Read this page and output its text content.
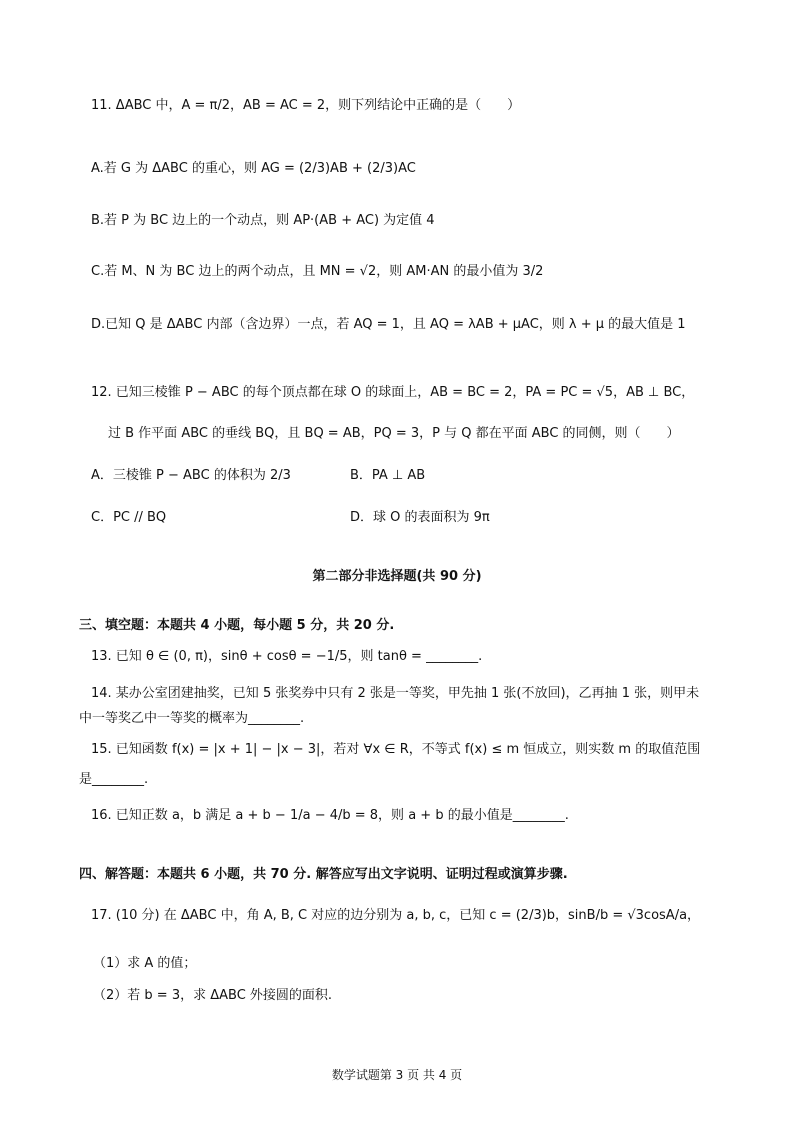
11. ΔABC 中，A = π/2，AB = AC = 2，则下列结论中正确的是（　　）
A.若 G 为 ΔABC 的重心，则 AG = (2/3)AB + (2/3)AC
B.若 P 为 BC 边上的一个动点，则 AP·(AB + AC) 为定值 4
C.若 M、N 为 BC 边上的两个动点，且 MN = √2，则 AM·AN 的最小值为 3/2
D.已知 Q 是 ΔABC 内部（含边界）一点，若 AQ = 1，且 AQ = λAB + μAC，则 λ + μ 的最大值是 1
12. 已知三棱锥 P − ABC 的每个顶点都在球 O 的球面上，AB = BC = 2，PA = PC = √5，AB ⊥ BC，
过 B 作平面 ABC 的垂线 BQ，且 BQ = AB，PQ = 3，P 与 Q 都在平面 ABC 的同侧，则（　　）
A．三棱锥 P − ABC 的体积为 2/3	B．PA ⊥ AB
C．PC // BQ	D．球 O 的表面积为 9π
第二部分非选择题(共 90 分)
三、填空题：本题共 4 小题，每小题 5 分，共 20 分.
13. 已知 θ ∈ (0, π)，sinθ + cosθ = −1/5，则 tanθ = ________.
14. 某办公室团建抽奖，已知 5 张奖券中只有 2 张是一等奖，甲先抽 1 张(不放回)，乙再抽 1 张，则甲未
中一等奖乙中一等奖的概率为________.
15. 已知函数 f(x) = |x + 1| − |x − 3|，若对 ∀x ∈ R，不等式 f(x) ≤ m 恒成立，则实数 m 的取值范围
是________.
16. 已知正数 a，b 满足 a + b − 1/a − 4/b = 8，则 a + b 的最小值是________.
四、解答题：本题共 6 小题，共 70 分. 解答应写出文字说明、证明过程或演算步骤.
17. (10 分) 在 ΔABC 中，角 A, B, C 对应的边分别为 a, b, c，已知 c = (2/3)b，sinB/b = √3cosA/a，
（1）求 A 的值；
（2）若 b = 3，求 ΔABC 外接圆的面积.
数学试题第 3 页 共 4 页
